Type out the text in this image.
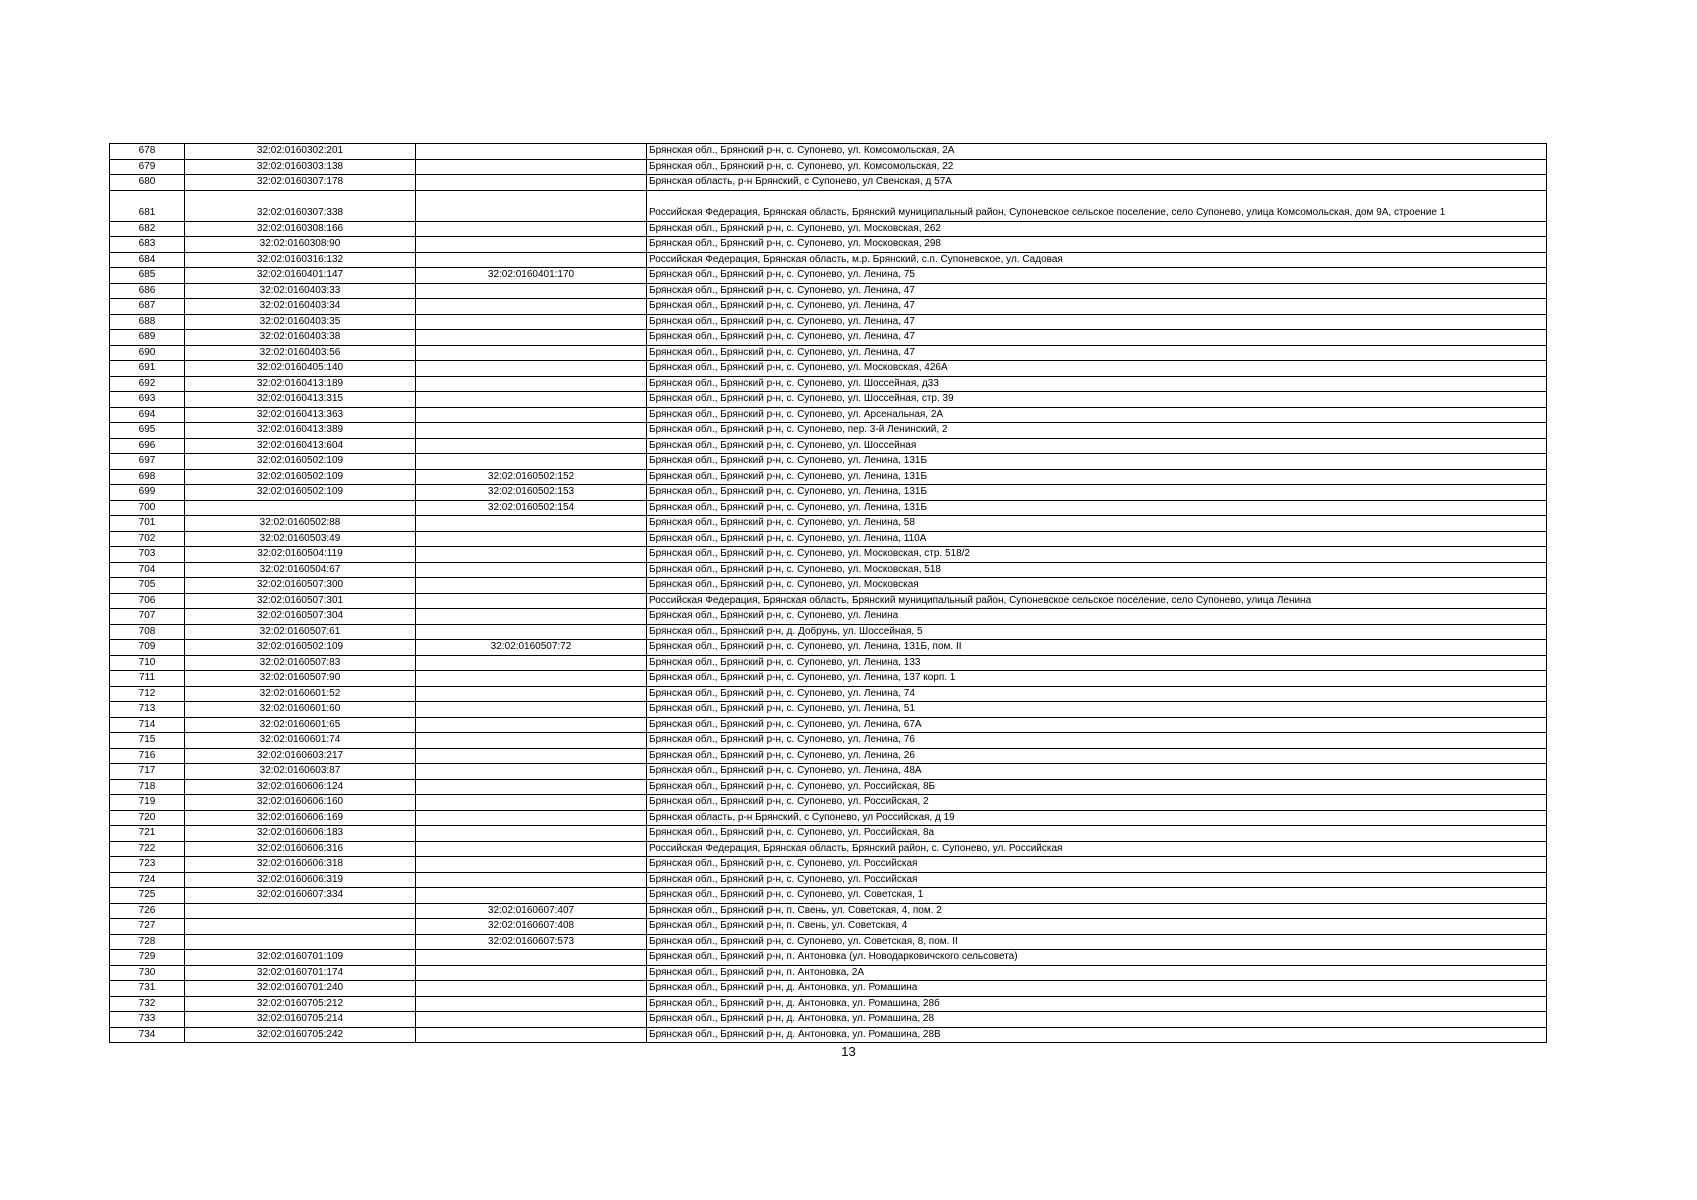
678	32:02:0160302:201		Брянская обл., Брянский р-н, с. Супонево, ул. Комсомольская, 2А
679	32:02:0160303:138		Брянская обл., Брянский р-н, с. Супонево, ул. Комсомольская, 22
680	32:02:0160307:178		Брянская область, р-н Брянский, с Супонево, ул Свенская, д 57А
681	32:02:0160307:338		Российская Федерация, Брянская область, Брянский муниципальный район, Супоневское сельское поселение, село Супонево, улица Комсомольская, дом 9А, строение 1
682	32:02:0160308:166		Брянская обл., Брянский р-н, с. Супонево, ул. Московская, 262
683	32:02:0160308:90		Брянская обл., Брянский р-н, с. Супонево, ул. Московская, 298
684	32:02:0160316:132		Российская Федерация, Брянская область, м.р. Брянский, с.п. Супоневское, ул. Садовая
685	32:02:0160401:147	32:02:0160401:170	Брянская обл., Брянский р-н, с. Супонево, ул. Ленина, 75
686	32:02:0160403:33		Брянская обл., Брянский р-н, с. Супонево, ул. Ленина, 47
687	32:02:0160403:34		Брянская обл., Брянский р-н, с. Супонево, ул. Ленина, 47
688	32:02:0160403:35		Брянская обл., Брянский р-н, с. Супонево, ул. Ленина, 47
689	32:02:0160403:38		Брянская обл., Брянский р-н, с. Супонево, ул. Ленина, 47
690	32:02:0160403:56		Брянская обл., Брянский р-н, с. Супонево, ул. Ленина, 47
691	32:02:0160405:140		Брянская обл., Брянский р-н, с. Супонево, ул. Московская, 426А
692	32:02:0160413:189		Брянская обл., Брянский р-н, с. Супонево, ул. Шоссейная, д33
693	32:02:0160413:315		Брянская обл., Брянский р-н, с. Супонево, ул. Шоссейная, стр. 39
694	32:02:0160413:363		Брянская обл., Брянский р-н, с. Супонево, ул. Арсенальная, 2А
695	32:02:0160413:389		Брянская обл., Брянский р-н, с. Супонево, пер. 3-й Ленинский, 2
696	32:02:0160413:604		Брянская обл., Брянский р-н, с. Супонево, ул. Шоссейная
697	32:02:0160502:109		Брянская обл., Брянский р-н, с. Супонево, ул. Ленина, 131Б
698	32:02:0160502:109	32:02:0160502:152	Брянская обл., Брянский р-н, с. Супонево, ул. Ленина, 131Б
699	32:02:0160502:109	32:02:0160502:153	Брянская обл., Брянский р-н, с. Супонево, ул. Ленина, 131Б
700		32:02:0160502:154	Брянская обл., Брянский р-н, с. Супонево, ул. Ленина, 131Б
701	32:02:0160502:88		Брянская обл., Брянский р-н, с. Супонево, ул. Ленина, 58
702	32:02:0160503:49		Брянская обл., Брянский р-н, с. Супонево, ул. Ленина, 110А
703	32:02:0160504:119		Брянская обл., Брянский р-н, с. Супонево, ул. Московская, стр. 518/2
704	32:02:0160504:67		Брянская обл., Брянский р-н, с. Супонево, ул. Московская, 518
705	32:02:0160507:300		Брянская обл., Брянский р-н, с. Супонево, ул. Московская
706	32:02:0160507:301		Российская Федерация, Брянская область, Брянский муниципальный район, Супоневское сельское поселение, село Супонево, улица Ленина
707	32:02:0160507:304		Брянская обл., Брянский р-н, с. Супонево, ул. Ленина
708	32:02:0160507:61		Брянская обл., Брянский р-н, д. Добрунь, ул. Шоссейная, 5
709	32:02:0160502:109	32:02:0160507:72	Брянская обл., Брянский р-н, с. Супонево, ул. Ленина, 131Б, пом. II
710	32:02:0160507:83		Брянская обл., Брянский р-н, с. Супонево, ул. Ленина, 133
711	32:02:0160507:90		Брянская обл., Брянский р-н, с. Супонево, ул. Ленина, 137 корп. 1
712	32:02:0160601:52		Брянская обл., Брянский р-н, с. Супонево, ул. Ленина, 74
713	32:02:0160601:60		Брянская обл., Брянский р-н, с. Супонево, ул. Ленина, 51
714	32:02:0160601:65		Брянская обл., Брянский р-н, с. Супонево, ул. Ленина, 67А
715	32:02:0160601:74		Брянская обл., Брянский р-н, с. Супонево, ул. Ленина, 76
716	32:02:0160603:217		Брянская обл., Брянский р-н, с. Супонево, ул. Ленина, 26
717	32:02:0160603:87		Брянская обл., Брянский р-н, с. Супонево, ул. Ленина, 48А
718	32:02:0160606:124		Брянская обл., Брянский р-н, с. Супонево, ул. Российская, 8Б
719	32:02:0160606:160		Брянская обл., Брянский р-н, с. Супонево, ул. Российская, 2
720	32:02:0160606:169		Брянская область, р-н Брянский, с Супонево, ул Российская, д 19
721	32:02:0160606:183		Брянская обл., Брянский р-н, с. Супонево, ул. Российская, 8а
722	32:02:0160606:316		Российская Федерация, Брянская область, Брянский район, с. Супонево, ул. Российская
723	32:02:0160606:318		Брянская обл., Брянский р-н, с. Супонево, ул. Российская
724	32:02:0160606:319		Брянская обл., Брянский р-н, с. Супонево, ул. Российская
725	32:02:0160607:334		Брянская обл., Брянский р-н, с. Супонево, ул. Советская, 1
726		32:02:0160607:407	Брянская обл., Брянский р-н, п. Свень, ул. Советская, 4, пом. 2
727		32:02:0160607:408	Брянская обл., Брянский р-н, п. Свень, ул. Советская, 4
728		32:02:0160607:573	Брянская обл., Брянский р-н, с. Супонево, ул. Советская, 8, пом. II
729	32:02:0160701:109		Брянская обл., Брянский р-н, п. Антоновка (ул. Новодарковичского сельсовета)
730	32:02:0160701:174		Брянская обл., Брянский р-н, п. Антоновка, 2А
731	32:02:0160701:240		Брянская обл., Брянский р-н, д. Антоновка, ул. Ромашина
732	32:02:0160705:212		Брянская обл., Брянский р-н, д. Антоновка, ул. Ромашина, 28б
733	32:02:0160705:214		Брянская обл., Брянский р-н, д. Антоновка, ул. Ромашина, 28
734	32:02:0160705:242		Брянская обл., Брянский р-н, д. Антоновка, ул. Ромашина, 28В
13
